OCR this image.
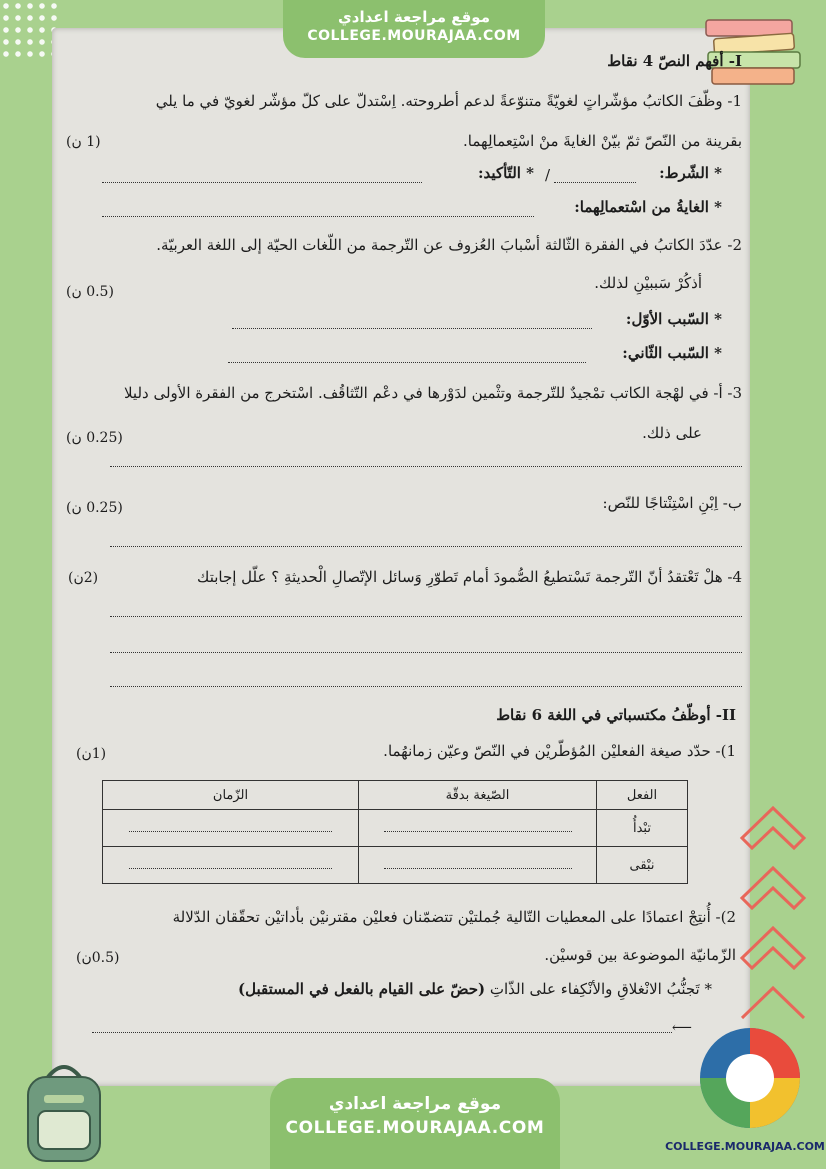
موقع مراجعة اعدادي
COLLEGE.MOURAJAA.COM
COLLEGE.MOURAJAA.COM
موقع مراجعة اعدادي
COLLEGE.MOURAJAA.COM
I- أفهم النصّ 4 نقاط
1- وظّفَ الكاتبُ مؤشّراتٍ لغويّةً متنوّعةً لدعم أطروحته. اِسْتدلّ على كلّ مؤشّر لغويّ في ما يلي
بقرينة من النّصّ ثمّ بيّنْ الغايةَ منْ اسْتِعمالِهما.
(1 ن)
* الشّرط:
/
* التّأكيد:
* الغايةُ من اسْتعمالِهما:
2- عدّدَ الكاتبُ في الفقرة الثّالثة أسْبابَ العُزوف عن التّرجمة من اللّغات الحيّة إلى اللغة العربيّة.
أذكُرْ سَببيْنِ لذلك.
(0.5 ن)
* السّبب الأوّل:
* السّبب الثّاني:
3- أ- في لهْجة الكاتب تمْجيدٌ للتّرجمة وتثْمين لدَوْرها في دعْم التّثاقُف. اسْتخرج من الفقرة الأولى دليلا
على ذلك.
(0.25 ن)
ب- اِبْنِ اسْتِنْتاجًا للنّص:
(0.25 ن)
4- هلْ تَعْتقدُ أنّ التّرجمة تَسْتطيعُ الصُّمودَ أمام تَطوّرِ وَسائل الإتّصالِ الْحديثةِ ؟ علّل إجابتك
(2ن)
II- أوظّفُ مكتسباتي في اللغة 6 نقاط
1)- حدّد صيغة الفعليْن المُؤطّريْن في النّصّ وعيّن زمانهُما.
(1ن)
الفعل	الصّيغة بدقّة	الزّمان
تبْدأُ		
نبْقى		
2)- أُنتِجْ اعتمادًا على المعطيات التّالية جُملتيْن تتضمّنان فعليْن مقترنيْن بأداتيْن تحقّقان الدّلالة
الزّمانيّة الموضوعة بين قوسيْن.
(0.5ن)
* تَجنُّبُ الانْغلاقِ والأنْكِفاء على الذّاتِ (حضّ على القيام بالفعل في المستقبل)
⟵
